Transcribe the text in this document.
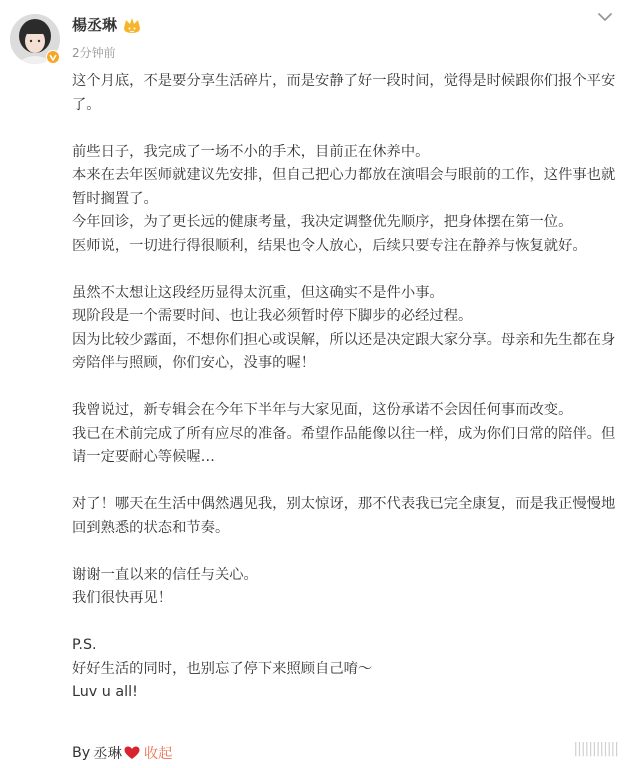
楊丞琳
2分钟前

这个月底，不是要分享生活碎片，而是安静了好一段时间，觉得是时候跟你们报个平安了。

前些日子，我完成了一场不小的手术，目前正在休养中。

本来在去年医师就建议先安排，但自己把心力都放在演唱会与眼前的工作，这件事也就暂时搁置了。

今年回诊，为了更长远的健康考量，我决定调整优先顺序，把身体摆在第一位。

医师说，一切进行得很顺利，结果也令人放心，后续只要专注在静养与恢复就好。

虽然不太想让这段经历显得太沉重，但这确实不是件小事。

现阶段是一个需要时间、也让我必须暂时停下脚步的必经过程。

因为比较少露面，不想你们担心或误解，所以还是决定跟大家分享。母亲和先生都在身旁陪伴与照顾，你们安心，没事的喔！

我曾说过，新专辑会在今年下半年与大家见面，这份承诺不会因任何事而改变。

我已在术前完成了所有应尽的准备。希望作品能像以往一样，成为你们日常的陪伴。但请一定要耐心等候喔…

对了！哪天在生活中偶然遇见我，别太惊讶，那不代表我已完全康复，而是我正慢慢地回到熟悉的状态和节奏。

谢谢一直以来的信任与关心。

我们很快再见！

P.S.

好好生活的同时，也别忘了停下来照顾自己唷～

Luv u all!

By 丞琳 收起	||||||||||||
